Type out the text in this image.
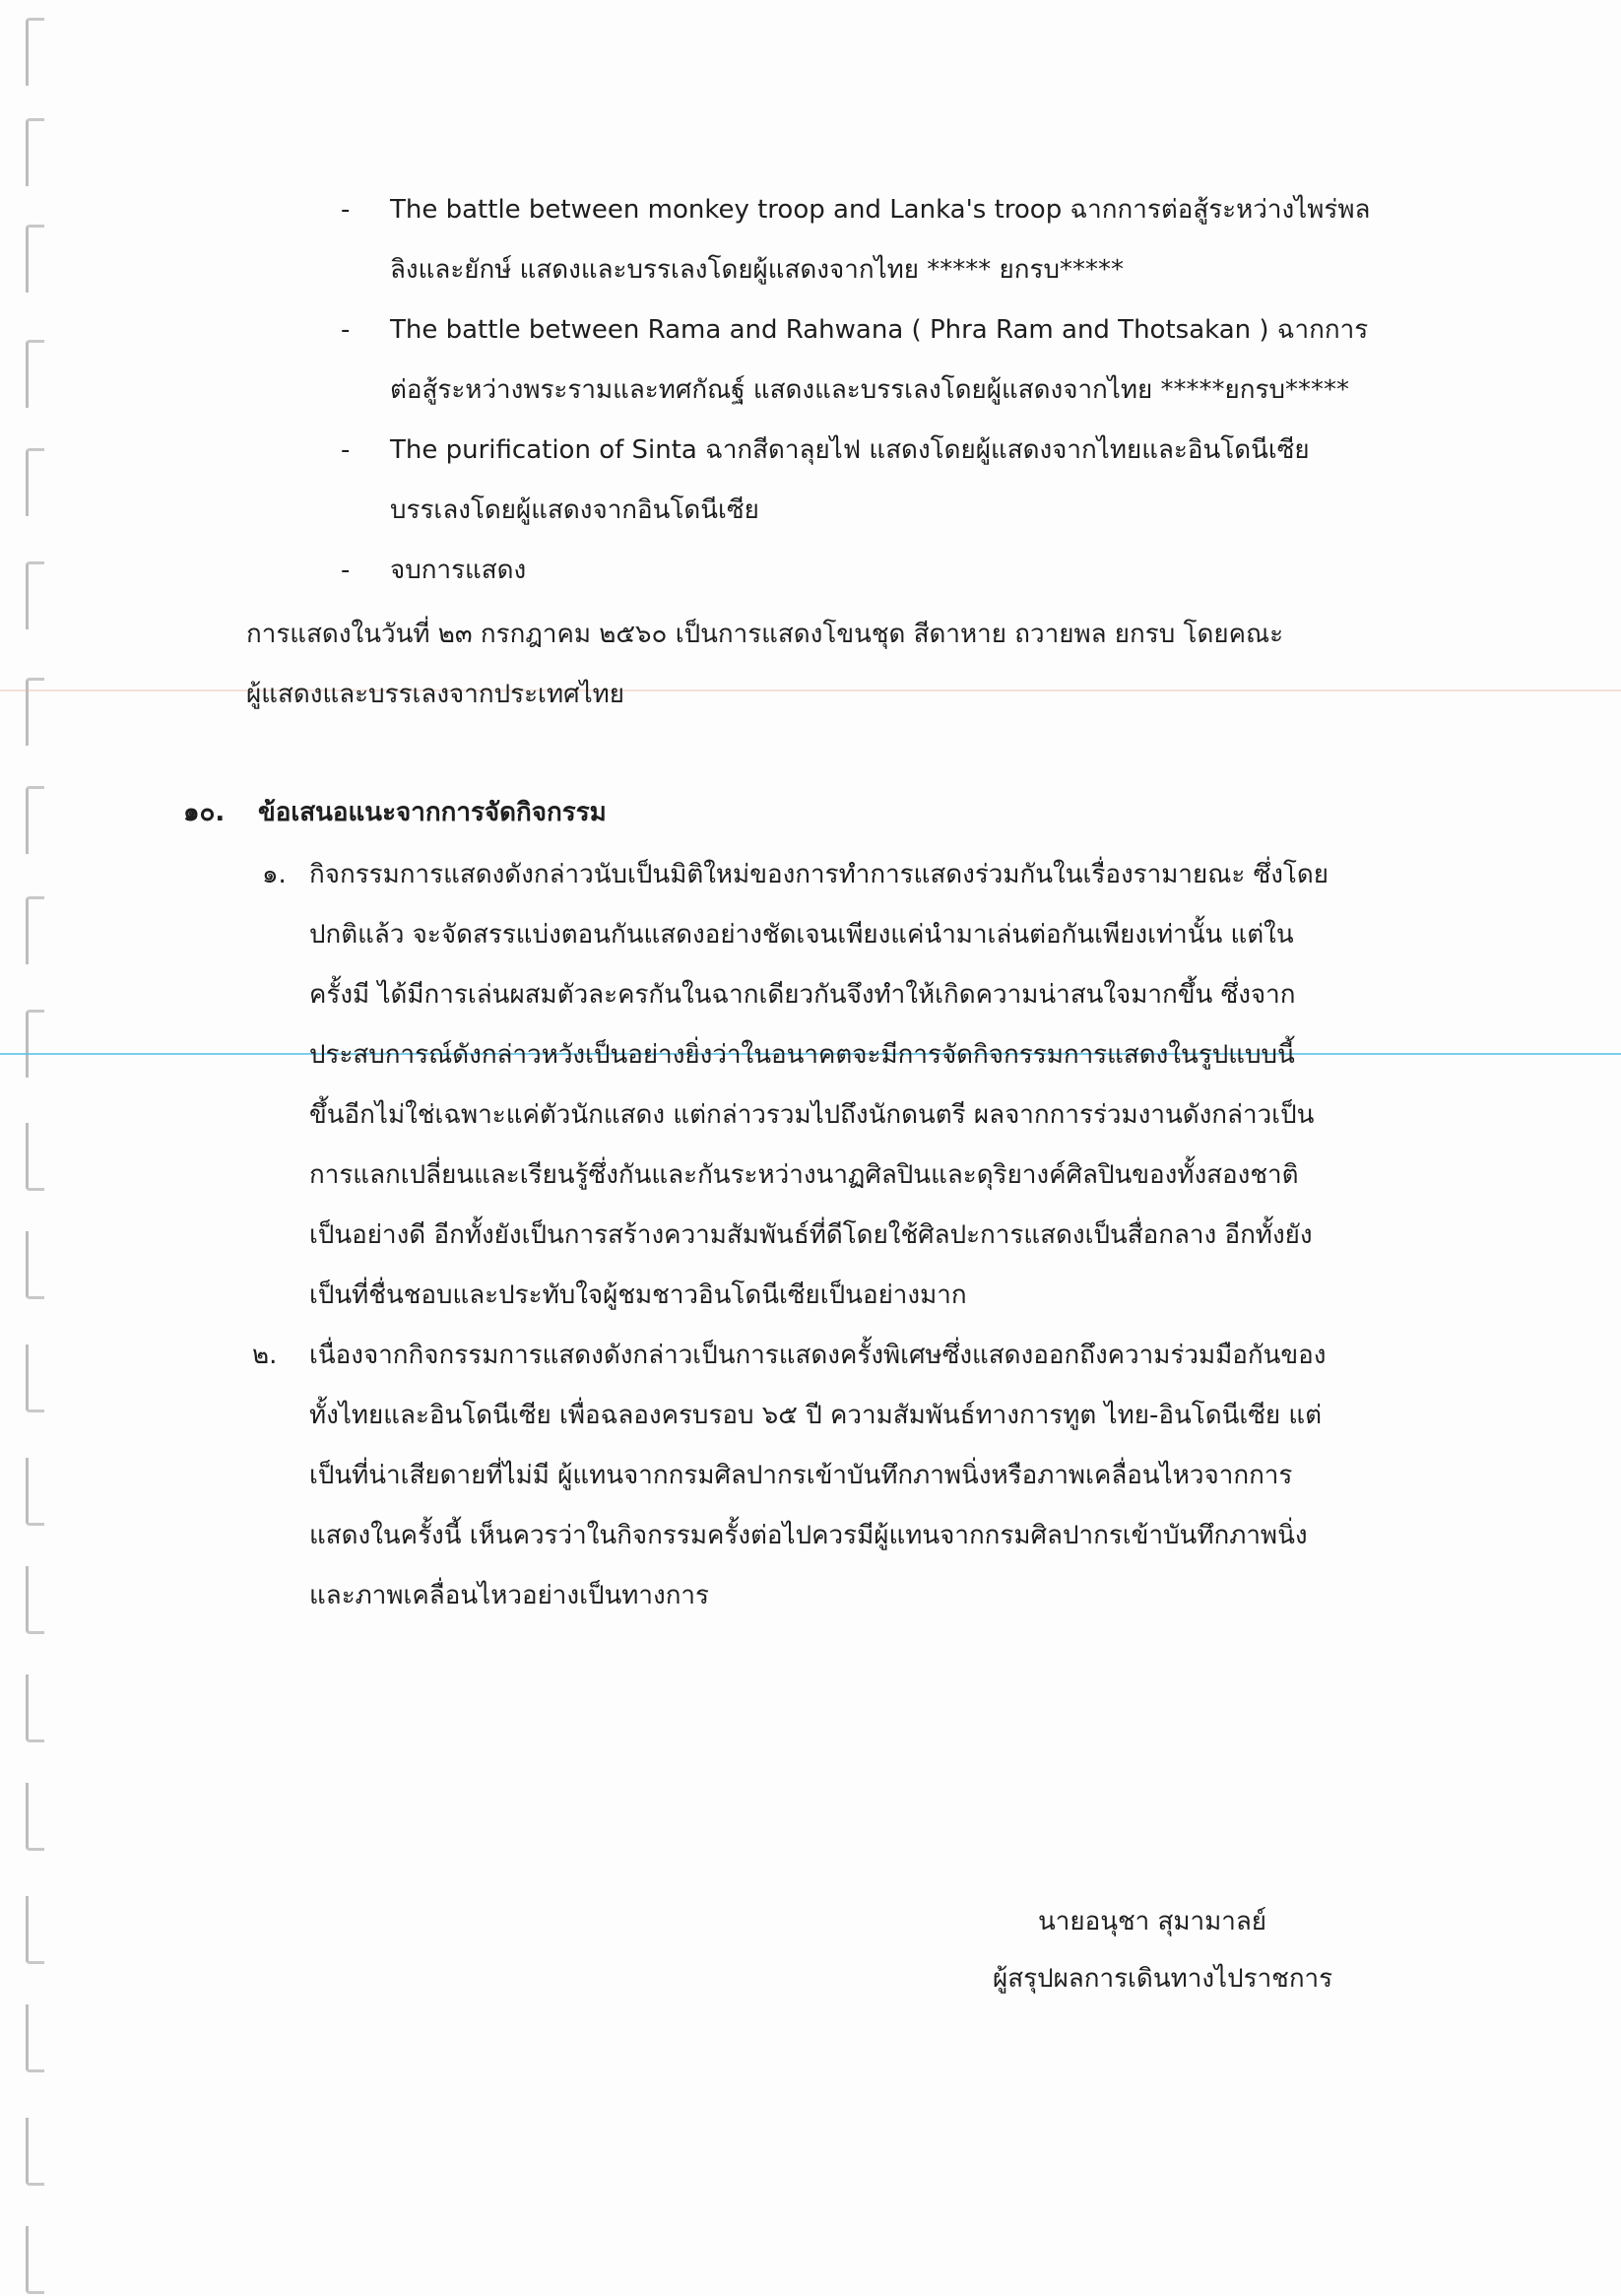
- The battle between monkey troop and Lanka's troop ฉากการต่อสู้ระหว่างไพร่พล
ลิงและยักษ์ แสดงและบรรเลงโดยผู้แสดงจากไทย ***** ยกรบ*****
- The battle between Rama and Rahwana ( Phra Ram and Thotsakan ) ฉากการ
ต่อสู้ระหว่างพระรามและทศกัณฐ์ แสดงและบรรเลงโดยผู้แสดงจากไทย *****ยกรบ*****
- The purification of Sinta ฉากสีดาลุยไฟ แสดงโดยผู้แสดงจากไทยและอินโดนีเซีย
บรรเลงโดยผู้แสดงจากอินโดนีเซีย
- จบการแสดง
การแสดงในวันที่ ๒๓ กรกฎาคม ๒๕๖๐ เป็นการแสดงโขนชุด สีดาหาย ถวายพล ยกรบ โดยคณะ
ผู้แสดงและบรรเลงจากประเทศไทย
๑๐. ข้อเสนอแนะจากการจัดกิจกรรม
๑. กิจกรรมการแสดงดังกล่าวนับเป็นมิติใหม่ของการทำการแสดงร่วมกันในเรื่องรามายณะ ซึ่งโดย
ปกติแล้ว จะจัดสรรแบ่งตอนกันแสดงอย่างชัดเจนเพียงแค่นำมาเล่นต่อกันเพียงเท่านั้น แต่ใน
ครั้งมี ได้มีการเล่นผสมตัวละครกันในฉากเดียวกันจึงทำให้เกิดความน่าสนใจมากขึ้น ซึ่งจาก
ประสบการณ์ดังกล่าวหวังเป็นอย่างยิ่งว่าในอนาคตจะมีการจัดกิจกรรมการแสดงในรูปแบบนี้
ขึ้นอีกไม่ใช่เฉพาะแค่ตัวนักแสดง แต่กล่าวรวมไปถึงนักดนตรี ผลจากการร่วมงานดังกล่าวเป็น
การแลกเปลี่ยนและเรียนรู้ซึ่งกันและกันระหว่างนาฏศิลปินและดุริยางค์ศิลปินของทั้งสองชาติ
เป็นอย่างดี อีกทั้งยังเป็นการสร้างความสัมพันธ์ที่ดีโดยใช้ศิลปะการแสดงเป็นสื่อกลาง อีกทั้งยัง
เป็นที่ชื่นชอบและประทับใจผู้ชมชาวอินโดนีเซียเป็นอย่างมาก
๒. เนื่องจากกิจกรรมการแสดงดังกล่าวเป็นการแสดงครั้งพิเศษซึ่งแสดงออกถึงความร่วมมือกันของ
ทั้งไทยและอินโดนีเซีย เพื่อฉลองครบรอบ ๖๕ ปี ความสัมพันธ์ทางการทูต ไทย-อินโดนีเซีย แต่
เป็นที่น่าเสียดายที่ไม่มี ผู้แทนจากกรมศิลปากรเข้าบันทึกภาพนิ่งหรือภาพเคลื่อนไหวจากการ
แสดงในครั้งนี้ เห็นควรว่าในกิจกรรมครั้งต่อไปควรมีผู้แทนจากกรมศิลปากรเข้าบันทึกภาพนิ่ง
และภาพเคลื่อนไหวอย่างเป็นทางการ
นายอนุชา สุมามาลย์
ผู้สรุปผลการเดินทางไปราชการ
